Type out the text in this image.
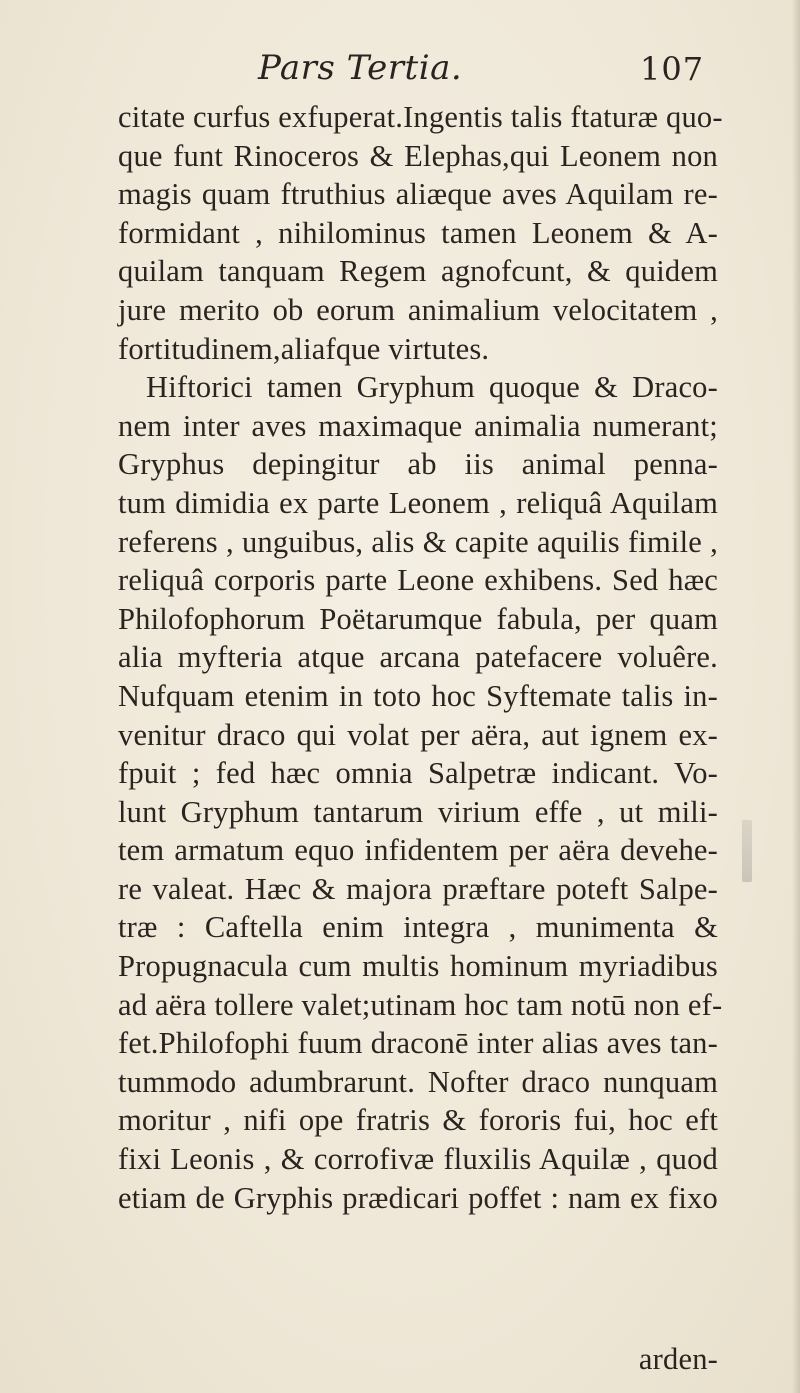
Pars Tertia.	107
citate curfus exfuperat.Ingentis talis ftaturæ quo-
que funt Rinoceros & Elephas,qui Leonem non
magis quam ftruthius aliæque aves Aquilam re-
formidant , nihilominus tamen Leonem & A-
quilam tanquam Regem agnofcunt, & quidem
jure merito ob eorum animalium velocitatem ,
fortitudinem,aliafque virtutes.
Hiftorici tamen Gryphum quoque & Draco-
nem inter aves maximaque animalia numerant;
Gryphus depingitur ab iis animal penna-
tum dimidia ex parte Leonem , reliquâ Aquilam
referens , unguibus, alis & capite aquilis fimile ,
reliquâ corporis parte Leone exhibens. Sed hæc
Philofophorum Poëtarumque fabula, per quam
alia myfteria atque arcana patefacere voluêre.
Nufquam etenim in toto hoc Syftemate talis in-
venitur draco qui volat per aëra, aut ignem ex-
fpuit ; fed hæc omnia Salpetræ indicant. Vo-
lunt Gryphum tantarum virium effe , ut mili-
tem armatum equo infidentem per aëra devehe-
re valeat. Hæc & majora præftare poteft Salpe-
træ : Caftella enim integra , munimenta &
Propugnacula cum multis hominum myriadibus
ad aëra tollere valet;utinam hoc tam notū non ef-
fet.Philofophi fuum draconē inter alias aves tan-
tummodo adumbrarunt. Nofter draco nunquam
moritur , nifi ope fratris & fororis fui, hoc eft
fixi Leonis , & corrofivæ fluxilis Aquilæ , quod
etiam de Gryphis prædicari poffet : nam ex fixo
arden-
